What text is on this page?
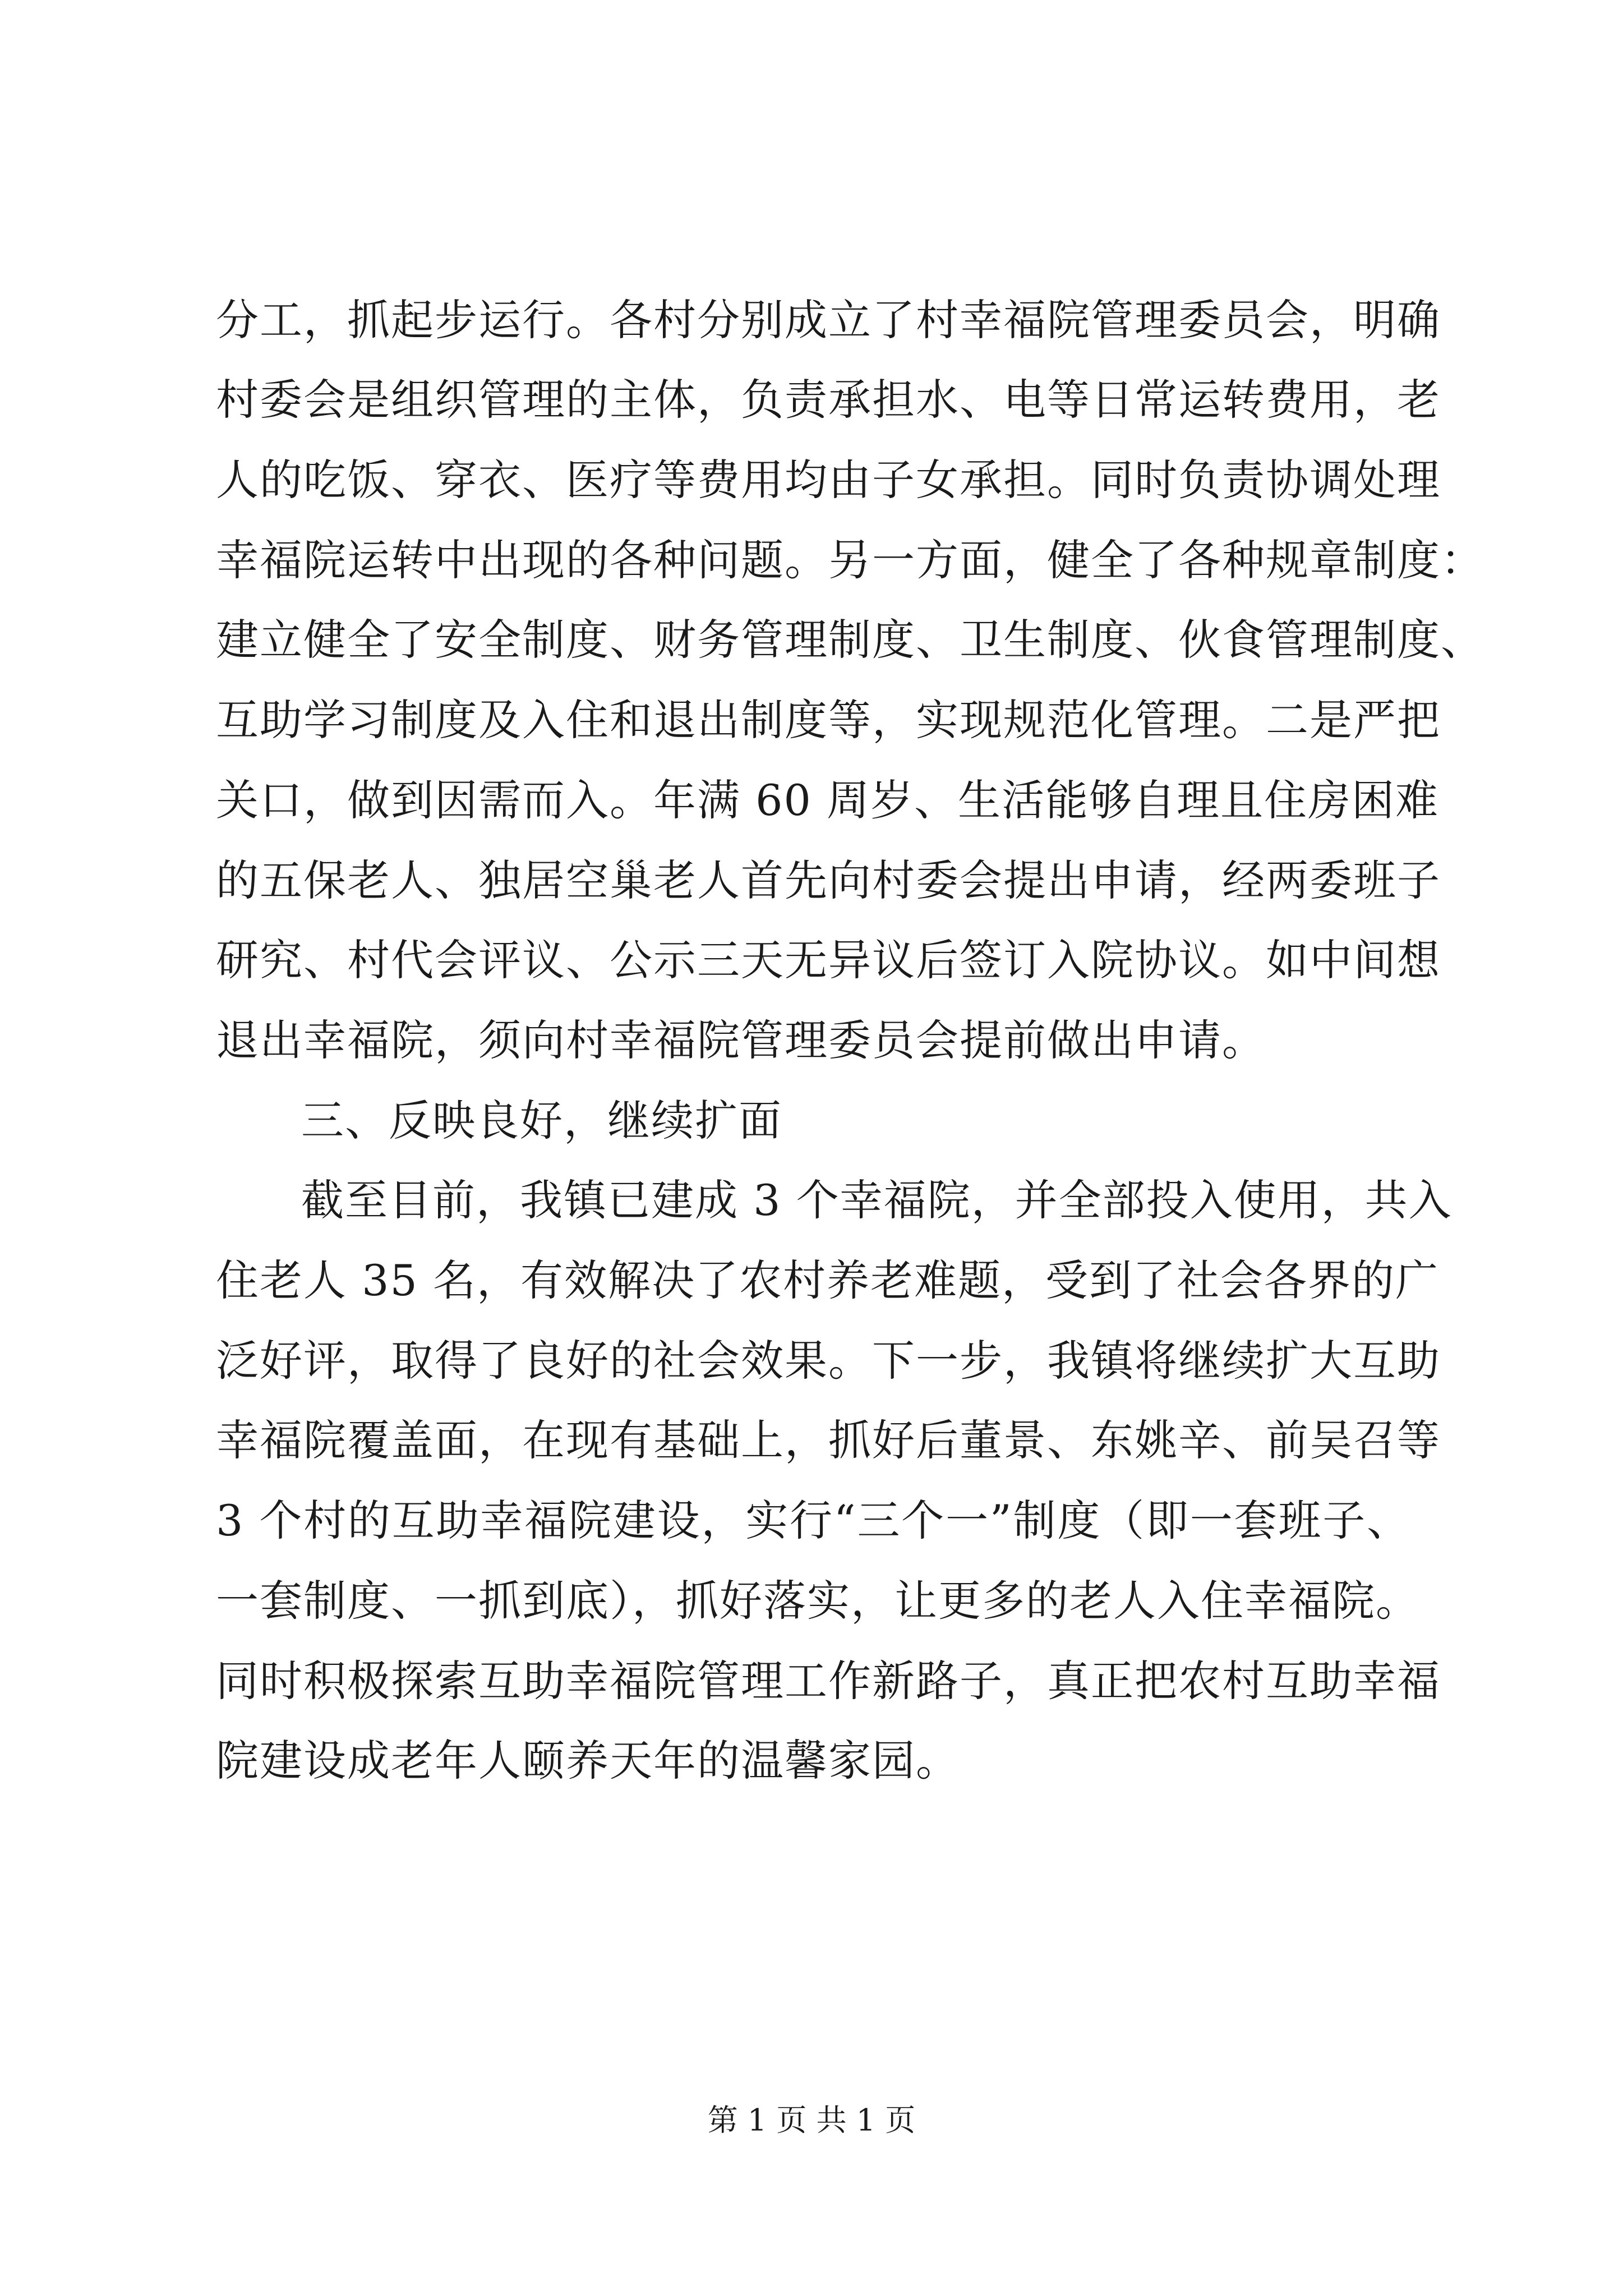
分工，抓起步运行。各村分别成立了村幸福院管理委员会，明确
村委会是组织管理的主体，负责承担水、电等日常运转费用，老
人的吃饭、穿衣、医疗等费用均由子女承担。同时负责协调处理
幸福院运转中出现的各种问题。另一方面，健全了各种规章制度：
建立健全了安全制度、财务管理制度、卫生制度、伙食管理制度、
互助学习制度及入住和退出制度等，实现规范化管理。二是严把
关口，做到因需而入。年满 60 周岁、生活能够自理且住房困难
的五保老人、独居空巢老人首先向村委会提出申请，经两委班子
研究、村代会评议、公示三天无异议后签订入院协议。如中间想
退出幸福院，须向村幸福院管理委员会提前做出申请。
三、反映良好，继续扩面
截至目前，我镇已建成 3 个幸福院，并全部投入使用，共入
住老人 35 名，有效解决了农村养老难题，受到了社会各界的广
泛好评，取得了良好的社会效果。下一步，我镇将继续扩大互助
幸福院覆盖面，在现有基础上，抓好后董景、东姚辛、前吴召等
3 个村的互助幸福院建设，实行“三个一”制度（即一套班子、
一套制度、一抓到底），抓好落实，让更多的老人入住幸福院。
同时积极探索互助幸福院管理工作新路子，真正把农村互助幸福
院建设成老年人颐养天年的温馨家园。
第 1 页 共 1 页
